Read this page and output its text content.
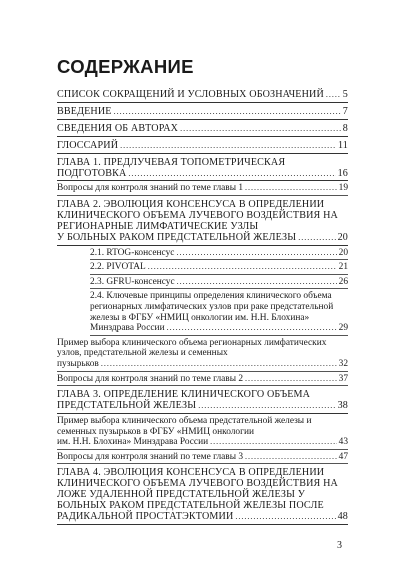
СОДЕРЖАНИЕ
СПИСОК СОКРАЩЕНИЙ И УСЛОВНЫХ ОБОЗНАЧЕНИЙ ..... 5
ВВЕДЕНИЕ .....	7
СВЕДЕНИЯ ОБ АВТОРАХ .....	8
ГЛОССАРИЙ .....	11
ГЛАВА 1. ПРЕДЛУЧЕВАЯ ТОПОМЕТРИЧЕСКАЯ
ПОДГОТОВКА .....	16
Вопросы для контроля знаний по теме главы 1 .....	19
ГЛАВА 2. ЭВОЛЮЦИЯ КОНСЕНСУСА В ОПРЕДЕЛЕНИИ КЛИНИЧЕСКОГО ОБЪЕМА ЛУЧЕВОГО ВОЗДЕЙСТВИЯ НА РЕГИОНАРНЫЕ ЛИМФАТИЧЕСКИЕ УЗЛЫ
У БОЛЬНЫХ РАКОМ ПРЕДСТАТЕЛЬНОЙ ЖЕЛЕЗЫ .....	20
2.1. RTOG-консенсус .....	20
2.2. PIVOTAL .....	21
2.3. GFRU-консенсус .....	26
2.4. Ключевые принципы определения клинического объема регионарных лимфатических узлов при раке предстательной железы в ФГБУ «НМИЦ онкологии им. Н.Н. Блохина»
Минздрава России .....	29
Пример выбора клинического объема регионарных лимфатических узлов, предстательной железы и семенных
пузырьков .....	32
Вопросы для контроля знаний по теме главы 2 .....	37
ГЛАВА 3. ОПРЕДЕЛЕНИЕ КЛИНИЧЕСКОГО ОБЪЕМА
ПРЕДСТАТЕЛЬНОЙ ЖЕЛЕЗЫ .....	38
Пример выбора клинического объема предстательной железы и семенных пузырьков в ФГБУ «НМИЦ онкологии
им. Н.Н. Блохина» Минздрава России .....	43
Вопросы для контроля знаний по теме главы 3 .....	47
ГЛАВА 4. ЭВОЛЮЦИЯ КОНСЕНСУСА В ОПРЕДЕЛЕНИИ КЛИНИЧЕСКОГО ОБЪЕМА ЛУЧЕВОГО ВОЗДЕЙСТВИЯ НА ЛОЖЕ УДАЛЕННОЙ ПРЕДСТАТЕЛЬНОЙ ЖЕЛЕЗЫ У БОЛЬНЫХ РАКОМ ПРЕДСТАТЕЛЬНОЙ ЖЕЛЕЗЫ ПОСЛЕ
РАДИКАЛЬНОЙ ПРОСТАТЭКТОМИИ .....	48
3
